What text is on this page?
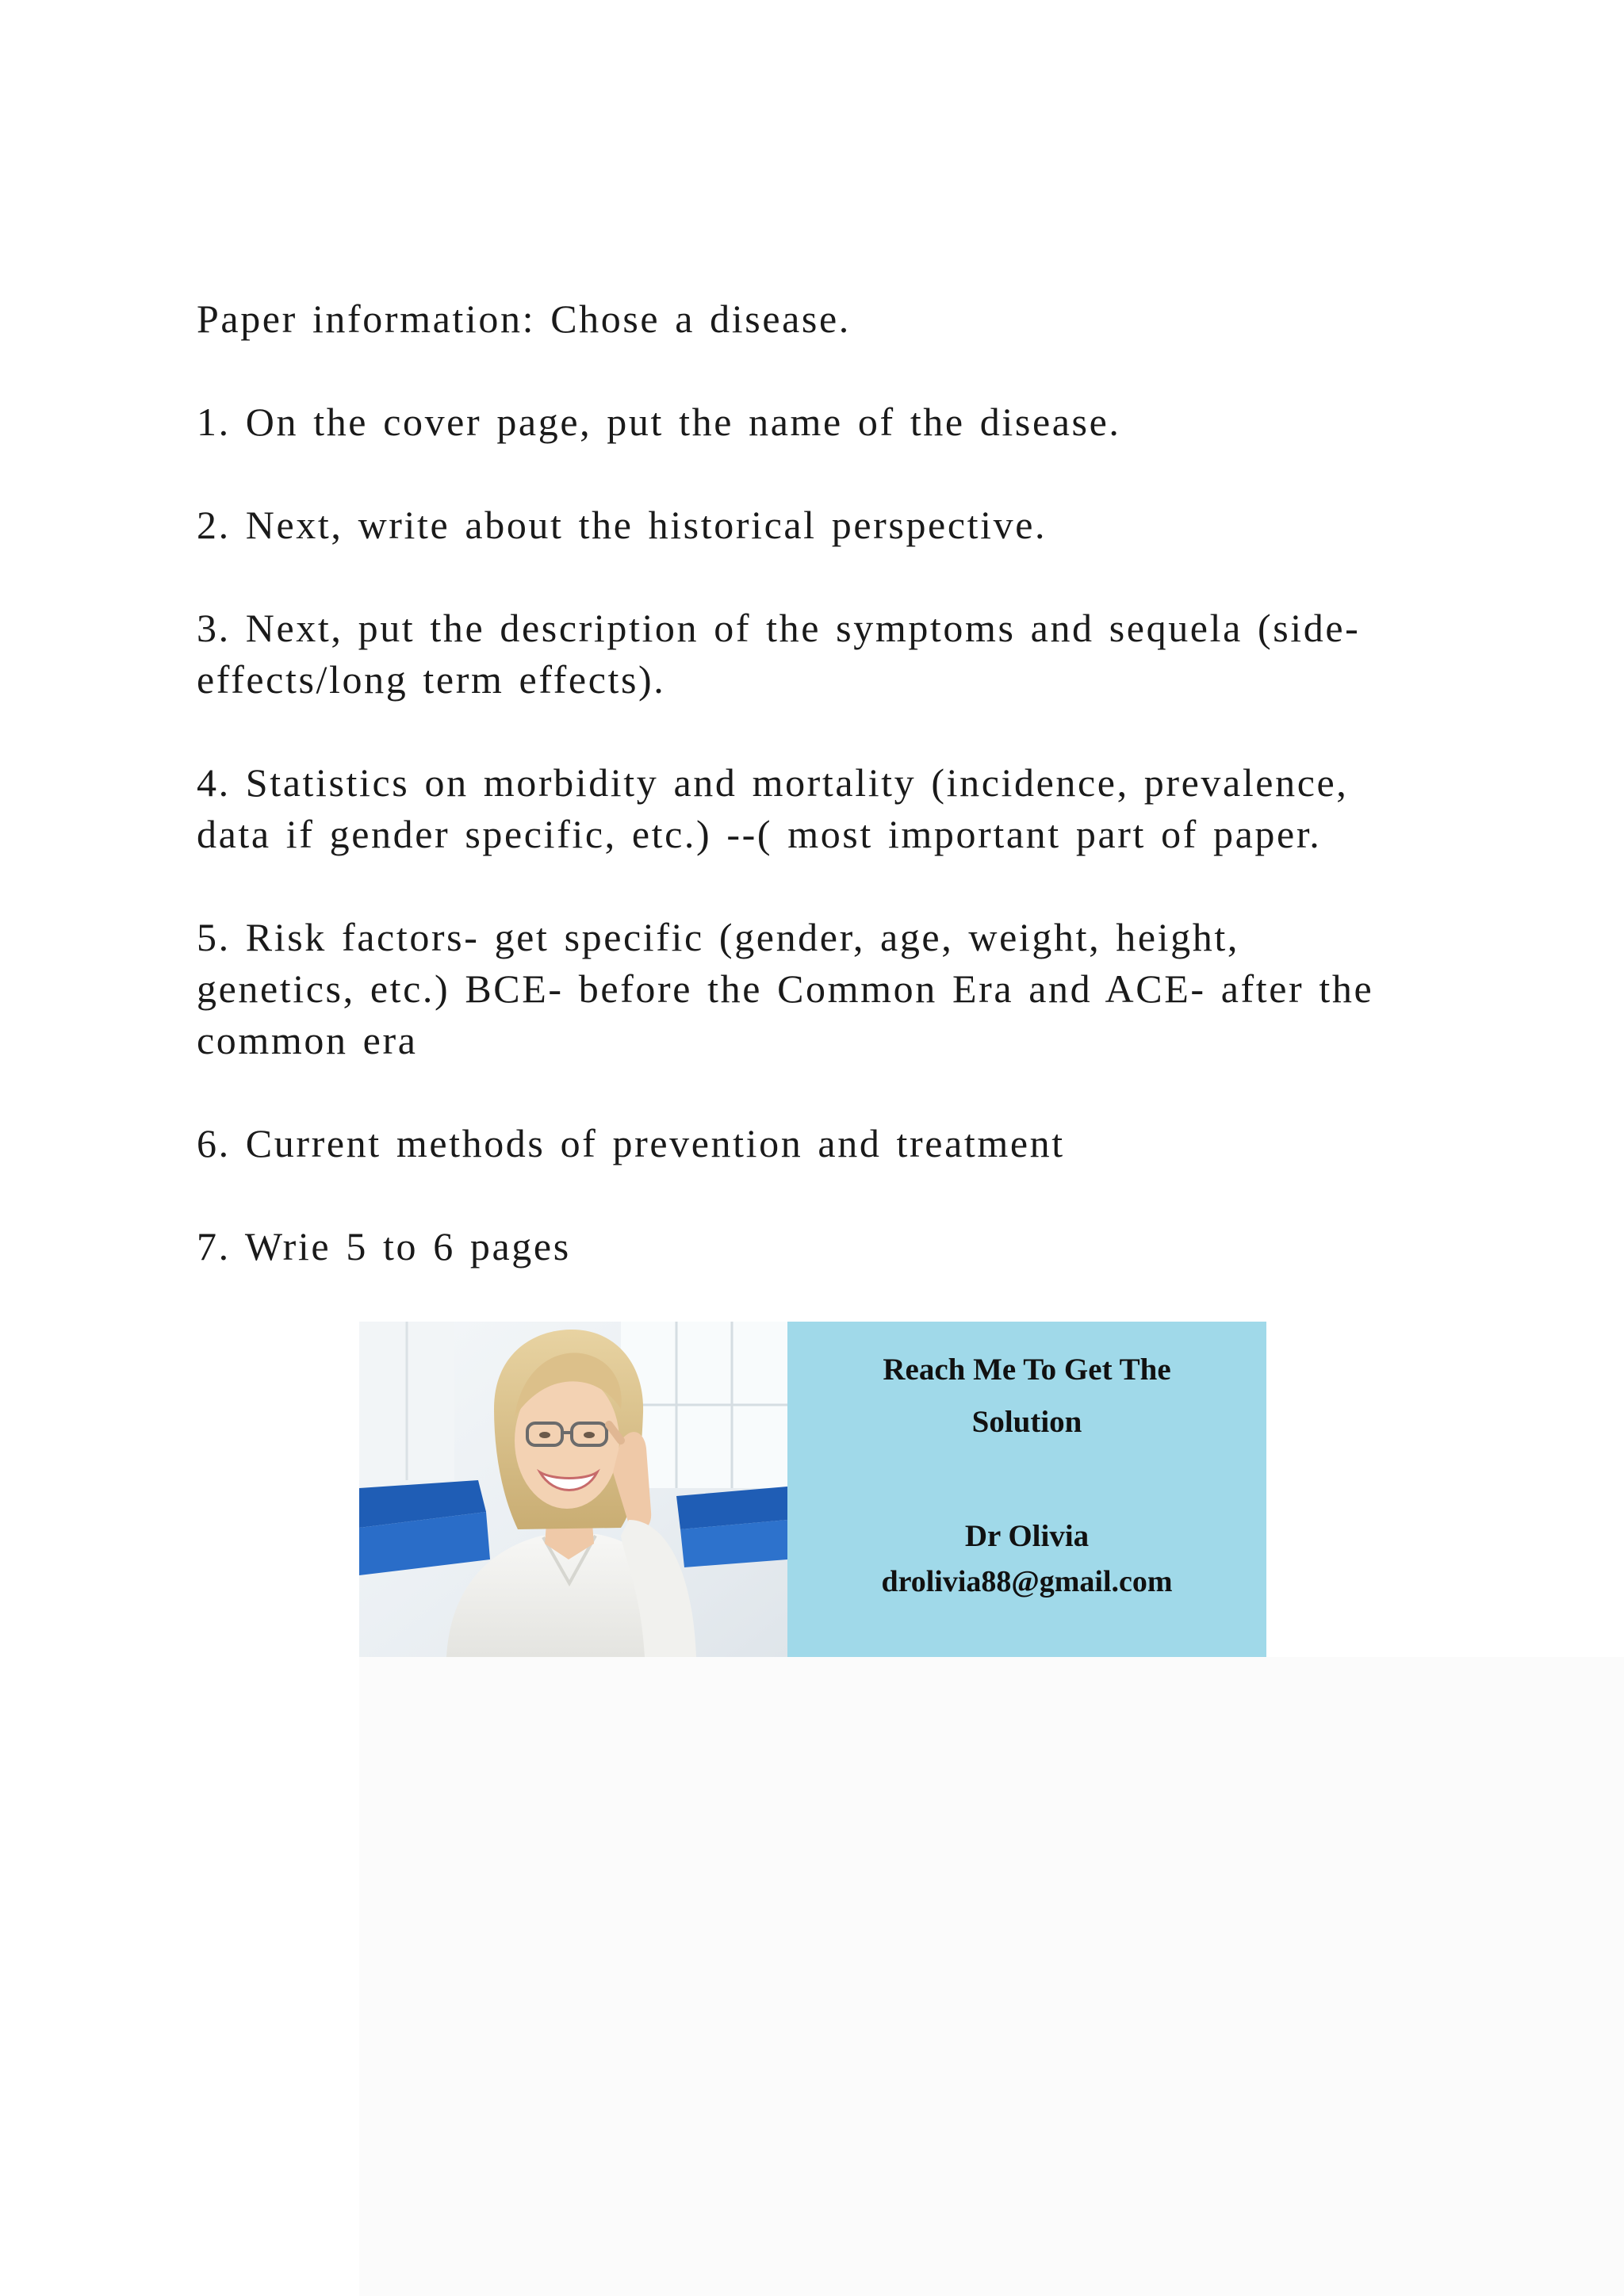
Paper information: Chose a disease.

1. On the cover page, put the name of the disease.

2. Next, write about the historical perspective.

3. Next, put the description of the symptoms and sequela (side-
effects/long term effects).

4. Statistics on morbidity and mortality (incidence, prevalence,
data if gender specific, etc.) --( most important part of paper.

5. Risk factors- get specific (gender, age, weight, height,
genetics, etc.) BCE- before the Common Era and ACE- after the
common era

6. Current methods of prevention and treatment

7. Wrie 5 to 6 pages

Reach Me To Get The
Solution
Dr Olivia
drolivia88@gmail.com
